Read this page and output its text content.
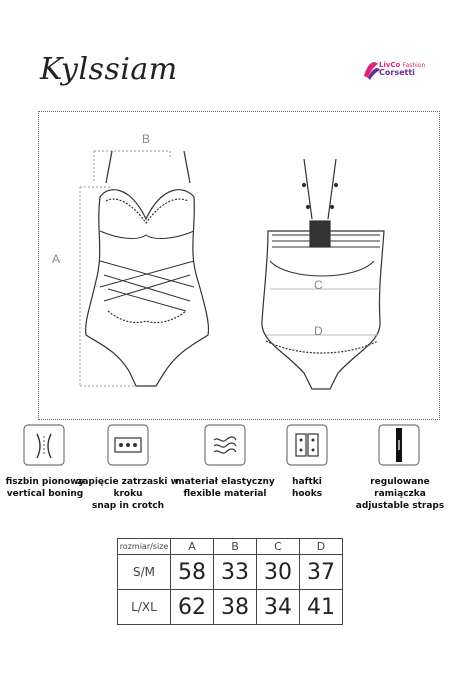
Kylssiam	LivCo Fashion
Corsetti
A
B
C
D
fiszbin pionowy
vertical boning
zapięcie zatrzaski w kroku
snap in crotch
materiał elastyczny
flexible material
haftki
hooks
regulowane ramiączka
adjustable straps
rozmiar/size	A	B	C	D
S/M	58	33	30	37
L/XL	62	38	34	41
